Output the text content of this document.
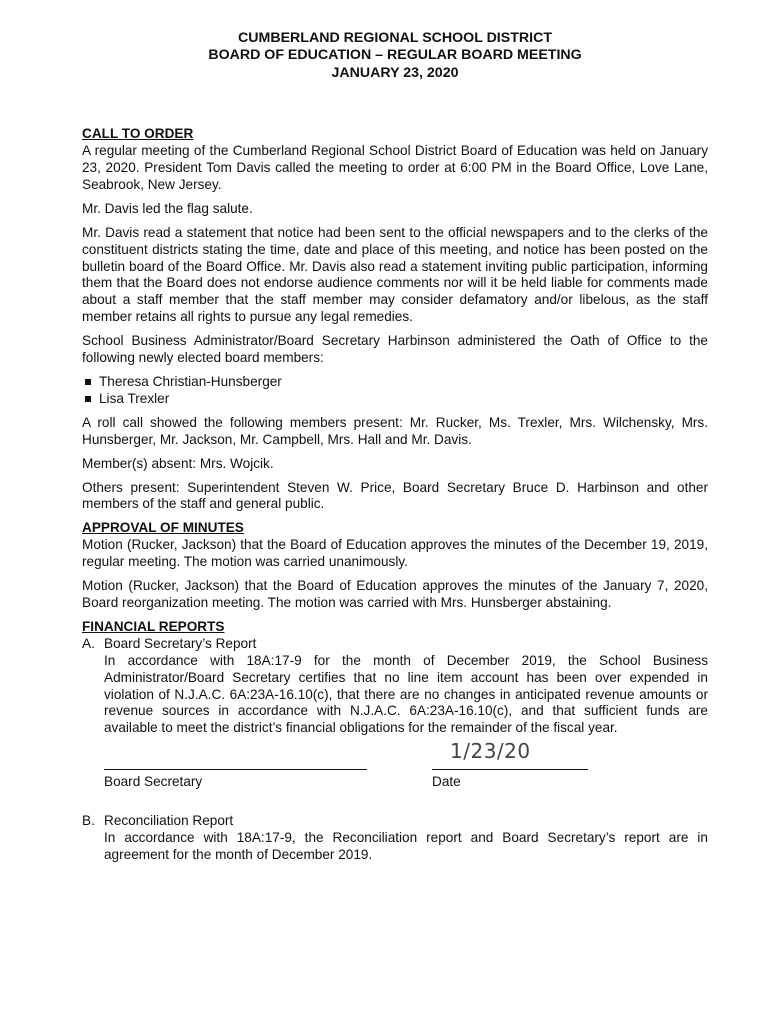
CUMBERLAND REGIONAL SCHOOL DISTRICT
BOARD OF EDUCATION – REGULAR BOARD MEETING
JANUARY 23, 2020
CALL TO ORDER

A regular meeting of the Cumberland Regional School District Board of Education was held on January 23, 2020. President Tom Davis called the meeting to order at 6:00 PM in the Board Office, Love Lane, Seabrook, New Jersey.

Mr. Davis led the flag salute.

Mr. Davis read a statement that notice had been sent to the official newspapers and to the clerks of the constituent districts stating the time, date and place of this meeting, and notice has been posted on the bulletin board of the Board Office. Mr. Davis also read a statement inviting public participation, informing them that the Board does not endorse audience comments nor will it be held liable for comments made about a staff member that the staff member may consider defamatory and/or libelous, as the staff member retains all rights to pursue any legal remedies.

School Business Administrator/Board Secretary Harbinson administered the Oath of Office to the following newly elected board members:

Theresa Christian-Hunsberger
Lisa Trexler

A roll call showed the following members present: Mr. Rucker, Ms. Trexler, Mrs. Wilchensky, Mrs. Hunsberger, Mr. Jackson, Mr. Campbell, Mrs. Hall and Mr. Davis.

Member(s) absent: Mrs. Wojcik.

Others present: Superintendent Steven W. Price, Board Secretary Bruce D. Harbinson and other members of the staff and general public.

APPROVAL OF MINUTES

Motion (Rucker, Jackson) that the Board of Education approves the minutes of the December 19, 2019, regular meeting. The motion was carried unanimously.

Motion (Rucker, Jackson) that the Board of Education approves the minutes of the January 7, 2020, Board reorganization meeting. The motion was carried with Mrs. Hunsberger abstaining.

FINANCIAL REPORTS
A. Board Secretary’s Report

In accordance with 18A:17-9 for the month of December 2019, the School Business Administrator/Board Secretary certifies that no line item account has been over expended in violation of N.J.A.C. 6A:23A-16.10(c), that there are no changes in anticipated revenue amounts or revenue sources in accordance with N.J.A.C. 6A:23A-16.10(c), and that sufficient funds are available to meet the district’s financial obligations for the remainder of the fiscal year.

Board Secretary
1/23/20
Date
B. Reconciliation Report

In accordance with 18A:17-9, the Reconciliation report and Board Secretary’s report are in agreement for the month of December 2019.
